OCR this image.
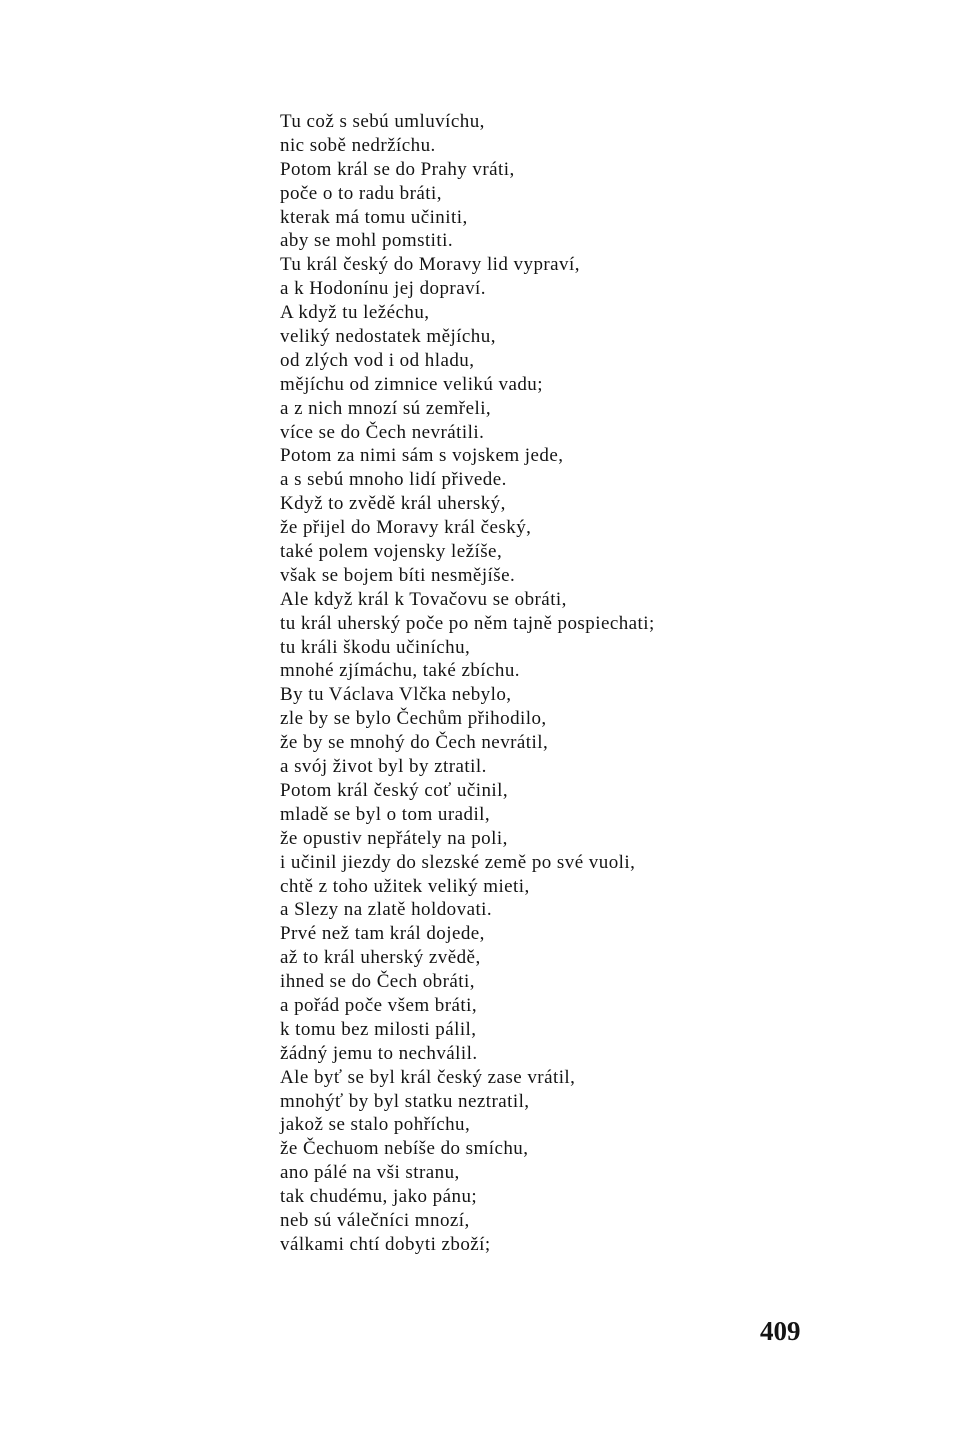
Tu což s sebú umluvíchu,
nic sobě nedržíchu.
Potom král se do Prahy vráti,
poče o to radu bráti,
kterak má tomu učiniti,
aby se mohl pomstiti.
Tu král český do Moravy lid vypraví,
a k Hodonínu jej dopraví.
A když tu ležéchu,
veliký nedostatek mějíchu,
od zlých vod i od hladu,
mějíchu od zimnice velikú vadu;
a z nich mnozí sú zemřeli,
více se do Čech nevrátili.
Potom za nimi sám s vojskem jede,
a s sebú mnoho lidí přivede.
Když to zvědě král uherský,
že přijel do Moravy král český,
také polem vojensky ležíše,
však se bojem bíti nesmějíše.
Ale když král k Tovačovu se obráti,
tu král uherský poče po něm tajně pospiechati;
tu králi škodu učiníchu,
mnohé zjímáchu, také zbíchu.
By tu Václava Vlčka nebylo,
zle by se bylo Čechům přihodilo,
že by se mnohý do Čech nevrátil,
a svój život byl by ztratil.
Potom král český coť učinil,
mladě se byl o tom uradil,
že opustiv nepřátely na poli,
i učinil jiezdy do slezské země po své vuoli,
chtě z toho užitek veliký mieti,
a Slezy na zlatě holdovati.
Prvé než tam král dojede,
až to král uherský zvědě,
ihned se do Čech obráti,
a pořád poče všem bráti,
k tomu bez milosti pálil,
žádný jemu to nechválil.
Ale byť se byl král český zase vrátil,
mnohýť by byl statku neztratil,
jakož se stalo pohříchu,
že Čechuom nebíše do smíchu,
ano pálé na vši stranu,
tak chudému, jako pánu;
neb sú válečníci mnozí,
válkami chtí dobyti zboží;
409
